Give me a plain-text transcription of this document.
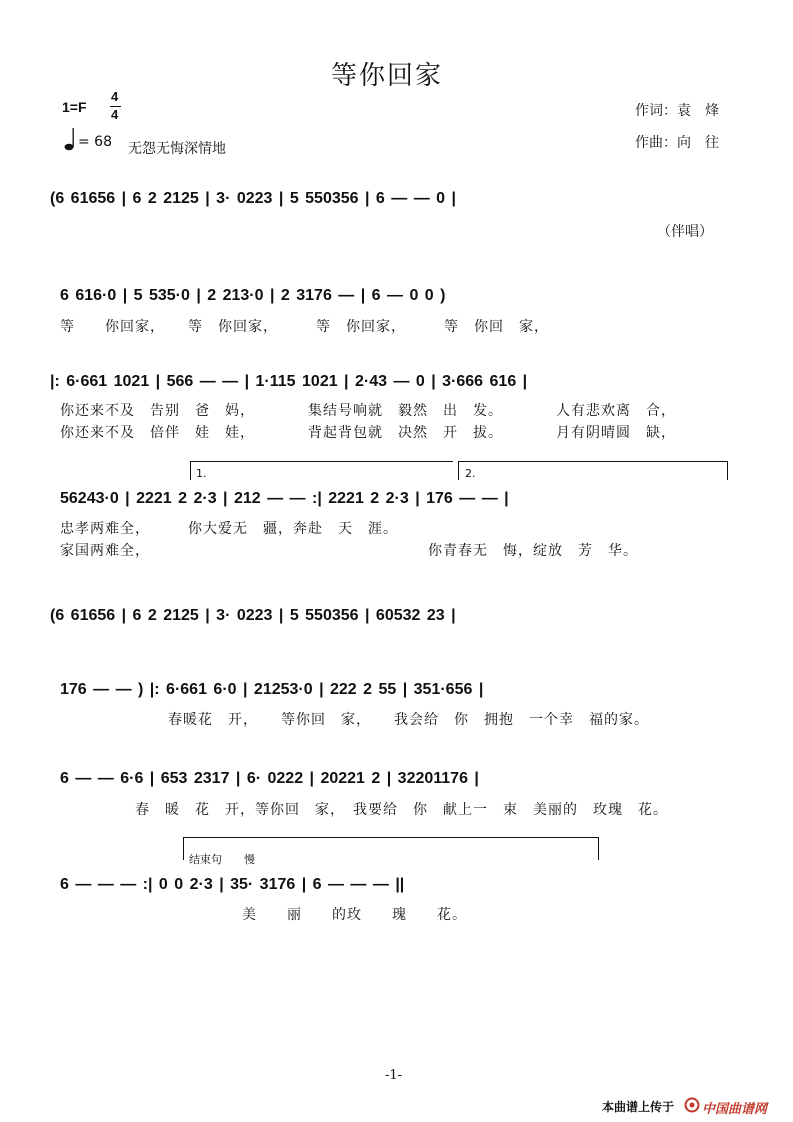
等你回家
1=F
4
4
= 68 无怨无悔深情地
作词：袁　烽
作曲：向　往
(6 61656 | 6 2 2125 | 3· 0223 | 5 550356 | 6 — — 0 |
（伴唱）
6 616·0 | 5 535·0 | 2 213·0 | 2 3176 — | 6 — 0 0 )
等　　你回家，　　等　你回家，　　　等　你回家，　　　等　你回　家，
|: 6·661 1021 | 566 — — | 1·115 1021 | 2·43 — 0 | 3·666 616 |
你还来不及　告别　爸　妈，　　　　集结号响就　毅然　出　发。　　　　人有悲欢离　合，
你还来不及　倍伴　娃　娃，　　　　背起背包就　决然　开　拔。　　　　月有阴晴圆　缺，
1.	2.
56243·0 | 2221 2 2·3 | 212 — — :| 2221 2 2·3 | 176 — — |
忠孝两难全，　　　你大爱无　疆，奔赴　天　涯。
家国两难全，　　　　　　　　　　　　　　　　　　　你青春无　悔，绽放　芳　华。
(6 61656 | 6 2 2125 | 3· 0223 | 5 550356 | 60532 23 |
176 — — ) |: 6·661 6·0 | 21253·0 | 222 2 55 | 351·656 |
春暖花　开，　　等你回　家，　　我会给　你　拥抱　一个幸　福的家。
6 — — 6·6 | 653 2317 | 6· 0222 | 20221 2 | 32201176 |
春　暖　花　开，等你回　家，　我要给　你　献上一　束　美丽的　玫瑰　花。
结束句　　慢
6 — — — :| 0 0 2·3 | 35· 3176 | 6 — — — ||
美　　丽　　的玫　　瑰　　花。
-1-
本曲谱上传于 中国曲谱网
